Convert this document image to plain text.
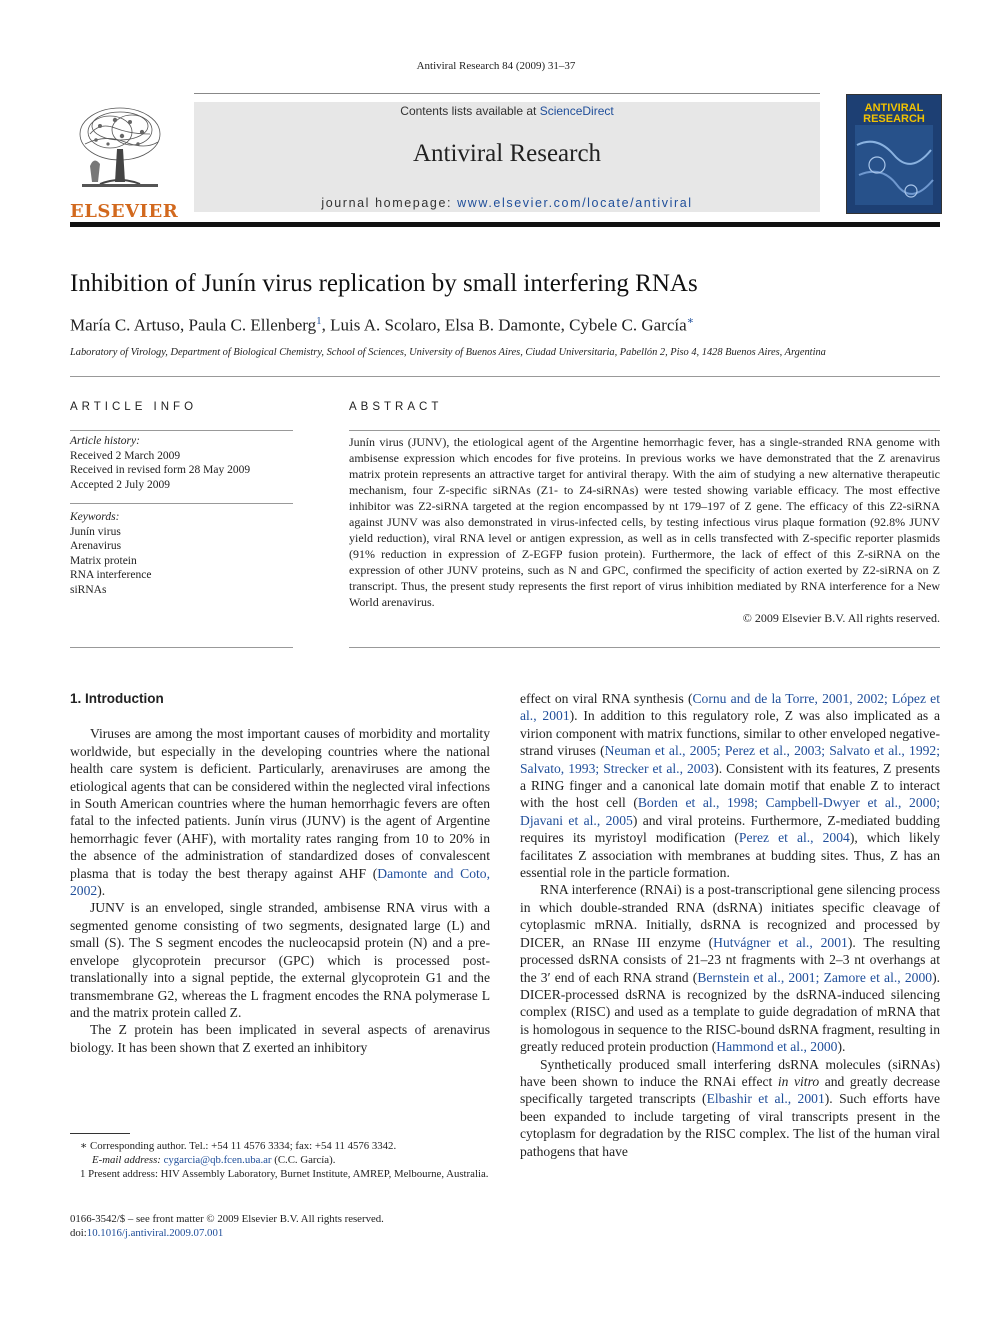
Antiviral Research 84 (2009) 31–37
ELSEVIER
Contents lists available at ScienceDirect
Antiviral Research
journal homepage: www.elsevier.com/locate/antiviral
ANTIVIRAL
RESEARCH
Inhibition of Junín virus replication by small interfering RNAs
María C. Artuso, Paula C. Ellenberg$^1$, Luis A. Scolaro, Elsa B. Damonte, Cybele C. García∗
Laboratory of Virology, Department of Biological Chemistry, School of Sciences, University of Buenos Aires, Ciudad Universitaria, Pabellón 2, Piso 4, 1428 Buenos Aires, Argentina
ARTICLE INFO
Article history:
Received 2 March 2009
Received in revised form 28 May 2009
Accepted 2 July 2009
Keywords:
Junín virus
Arenavirus
Matrix protein
RNA interference
siRNAs
ABSTRACT
Junín virus (JUNV), the etiological agent of the Argentine hemorrhagic fever, has a single-stranded RNA genome with ambisense expression which encodes for five proteins. In previous works we have demonstrated that the Z arenavirus matrix protein represents an attractive target for antiviral therapy. With the aim of studying a new alternative therapeutic mechanism, four Z-specific siRNAs (Z1- to Z4-siRNAs) were tested showing variable efficacy. The most effective inhibitor was Z2-siRNA targeted at the region encompassed by nt 179–197 of Z gene. The efficacy of this Z2-siRNA against JUNV was also demonstrated in virus-infected cells, by testing infectious virus plaque formation (92.8% JUNV yield reduction), viral RNA level or antigen expression, as well as in cells transfected with Z-specific reporter plasmids (91% reduction in expression of Z-EGFP fusion protein). Furthermore, the lack of effect of this Z-siRNA on the expression of other JUNV proteins, such as N and GPC, confirmed the specificity of action exerted by Z2-siRNA on Z transcript. Thus, the present study represents the first report of virus inhibition mediated by RNA interference for a New World arenavirus.
© 2009 Elsevier B.V. All rights reserved.

1. Introduction

Viruses are among the most important causes of morbidity and mortality worldwide, but especially in the developing countries where the national health care system is deficient. Particularly, arenaviruses are among the etiological agents that can be considered within the neglected viral infections in South American countries where the human hemorrhagic fevers are often fatal to the infected patients. Junín virus (JUNV) is the agent of Argentine hemorrhagic fever (AHF), with mortality rates ranging from 10 to 20% in the absence of the administration of standardized doses of convalescent plasma that is today the best therapy against AHF (Damonte and Coto, 2002).

JUNV is an enveloped, single stranded, ambisense RNA virus with a segmented genome consisting of two segments, designated large (L) and small (S). The S segment encodes the nucleocapsid protein (N) and a pre-envelope glycoprotein precursor (GPC) which is processed post-translationally into a signal peptide, the external glycoprotein G1 and the transmembrane G2, whereas the L fragment encodes the RNA polymerase L and the matrix protein called Z.

The Z protein has been implicated in several aspects of arenavirus biology. It has been shown that Z exerted an inhibitory

effect on viral RNA synthesis (Cornu and de la Torre, 2001, 2002; López et al., 2001). In addition to this regulatory role, Z was also implicated as a virion component with matrix functions, similar to other enveloped negative-strand viruses (Neuman et al., 2005; Perez et al., 2003; Salvato et al., 1992; Salvato, 1993; Strecker et al., 2003). Consistent with its features, Z presents a RING finger and a canonical late domain motif that enable Z to interact with the host cell (Borden et al., 1998; Campbell-Dwyer et al., 2000; Djavani et al., 2005) and viral proteins. Furthermore, Z-mediated budding requires its myristoyl modification (Perez et al., 2004), which likely facilitates Z association with membranes at budding sites. Thus, Z has an essential role in the particle formation.

RNA interference (RNAi) is a post-transcriptional gene silencing process in which double-stranded RNA (dsRNA) initiates specific cleavage of cytoplasmic mRNA. Initially, dsRNA is recognized and processed by DICER, an RNase III enzyme (Hutvágner et al., 2001). The resulting processed dsRNA consists of 21–23 nt fragments with 2–3 nt overhangs at the 3′ end of each RNA strand (Bernstein et al., 2001; Zamore et al., 2000). DICER-processed dsRNA is recognized by the dsRNA-induced silencing complex (RISC) and used as a template to guide degradation of mRNA that is homologous in sequence to the RISC-bound dsRNA fragment, resulting in greatly reduced protein production (Hammond et al., 2000).

Synthetically produced small interfering dsRNA molecules (siRNAs) have been shown to induce the RNAi effect in vitro and greatly decrease specifically targeted transcripts (Elbashir et al., 2001). Such efforts have been expanded to include targeting of viral transcripts present in the cytoplasm for degradation by the RISC complex. The list of the human viral pathogens that have

∗ Corresponding author. Tel.: +54 11 4576 3334; fax: +54 11 4576 3342.
E-mail address: cygarcia@qb.fcen.uba.ar (C.C. García).
1 Present address: HIV Assembly Laboratory, Burnet Institute, AMREP, Melbourne, Australia.
0166-3542/$ – see front matter © 2009 Elsevier B.V. All rights reserved.
doi:10.1016/j.antiviral.2009.07.001
